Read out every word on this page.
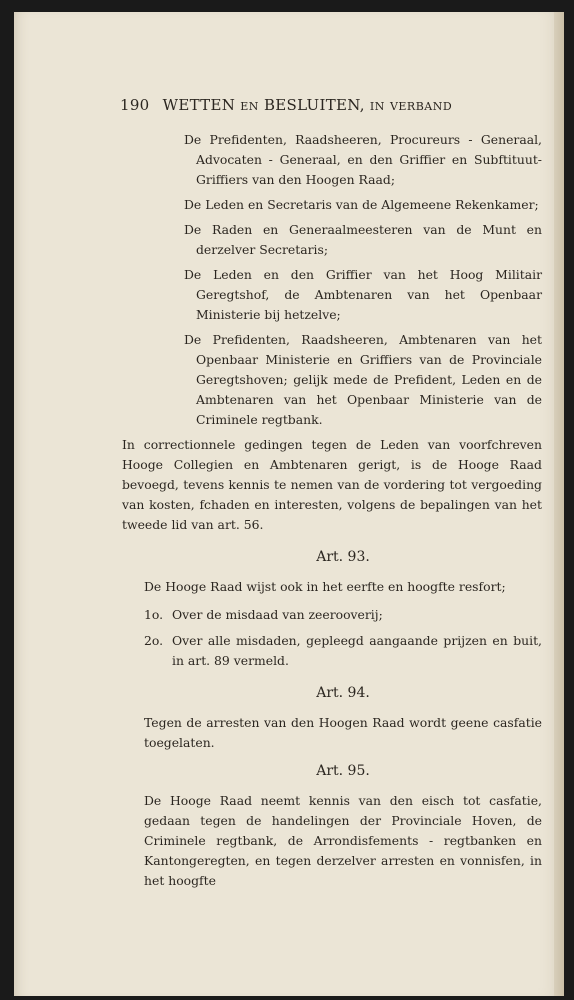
190 WETTEN EN BESLUITEN, IN VERBAND
De Prefidenten, Raadsheeren, Procureurs - Generaal, Advocaten - Generaal, en den Griffier en Subftituut-Griffiers van den Hoogen Raad;
De Leden en Secretaris van de Algemeene Rekenkamer;
De Raden en Generaalmeesteren van de Munt en derzelver Secretaris;
De Leden en den Griffier van het Hoog Militair Geregtshof, de Ambtenaren van het Openbaar Ministerie bij hetzelve;
De Prefidenten, Raadsheeren, Ambtenaren van het Openbaar Ministerie en Griffiers van de Provinciale Geregtshoven; gelijk mede de Prefident, Leden en de Ambtenaren van het Openbaar Ministerie van de Criminele regtbank.
In correctionnele gedingen tegen de Leden van voorfchreven Hooge Collegien en Ambtenaren gerigt, is de Hooge Raad bevoegd, tevens kennis te nemen van de vordering tot vergoeding van kosten, fchaden en interesten, volgens de bepalingen van het tweede lid van art. 56.
Art. 93.
De Hooge Raad wijst ook in het eerfte en hoogfte resfort;
1o. Over de misdaad van zeerooverij;
2o. Over alle misdaden, gepleegd aangaande prijzen en buit, in art. 89 vermeld.
Art. 94.
Tegen de arresten van den Hoogen Raad wordt geene casfatie toegelaten.
Art. 95.
De Hooge Raad neemt kennis van den eisch tot casfatie, gedaan tegen de handelingen der Provinciale Hoven, de Criminele regtbank, de Arrondisfements - regtbanken en Kantongeregten, en tegen derzelver arresten en vonnisfen, in het hoogfte
